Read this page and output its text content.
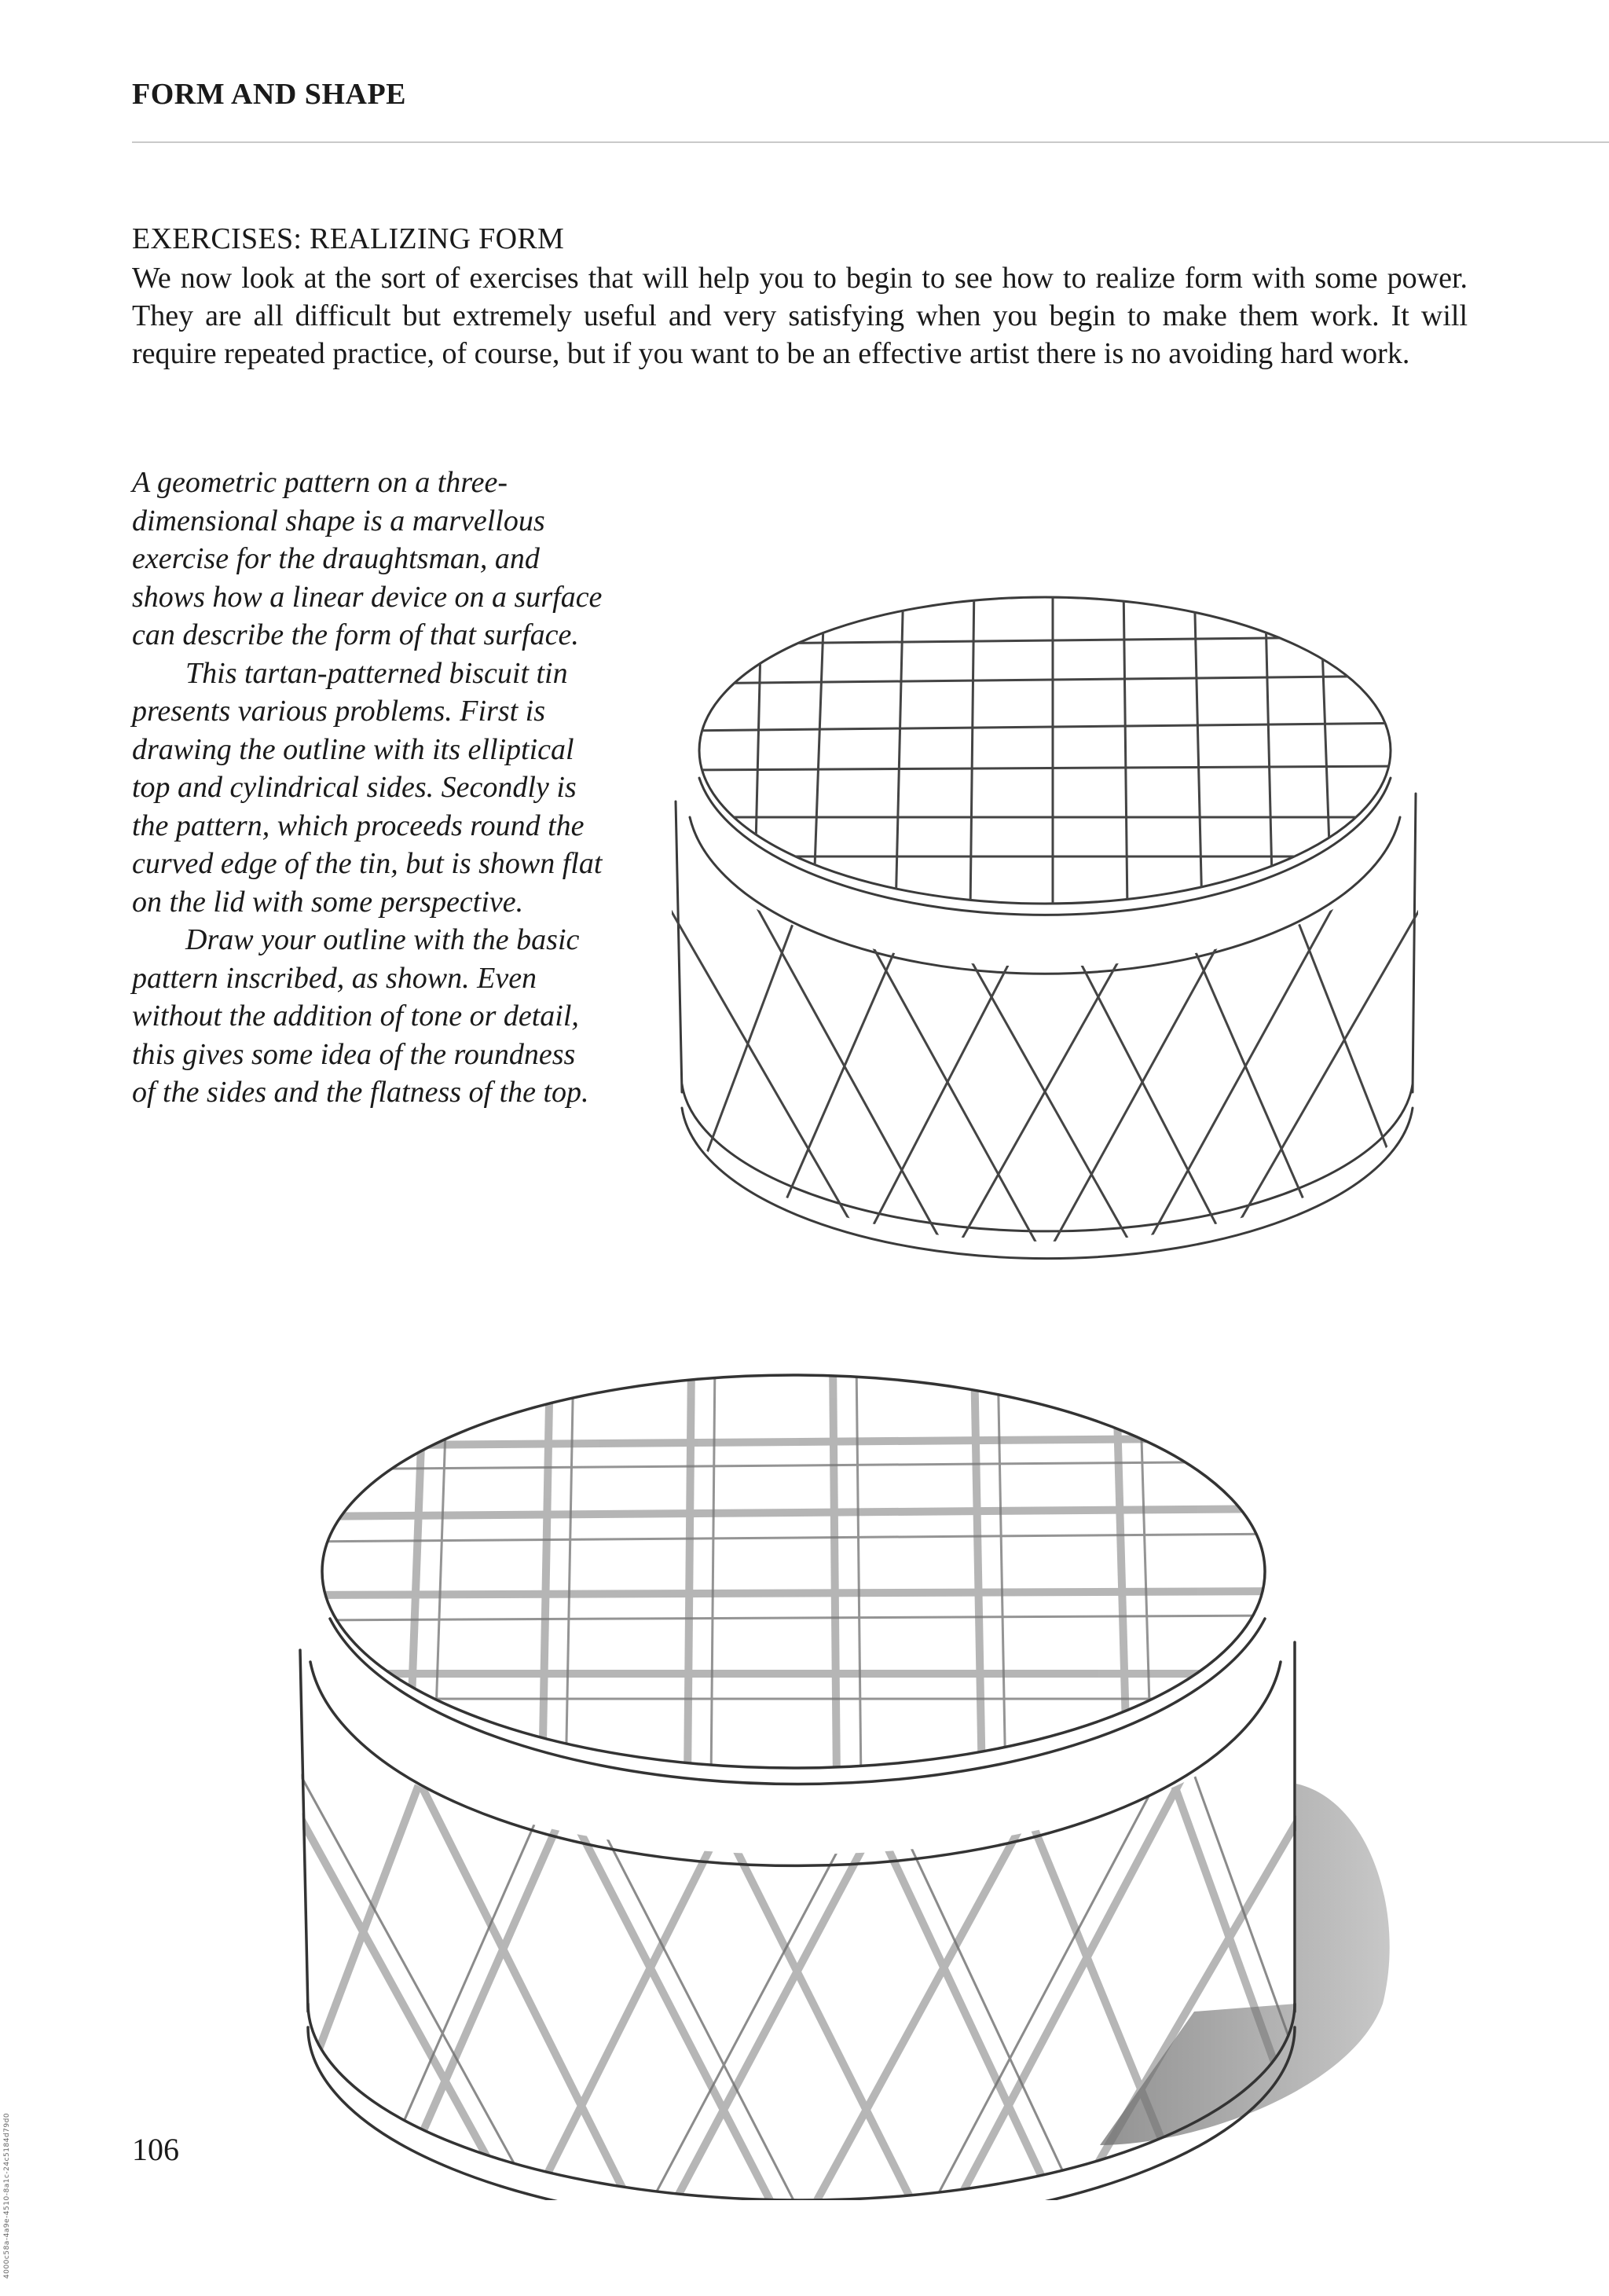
FORM AND SHAPE
EXERCISES: REALIZING FORM
We now look at the sort of exercises that will help you to begin to see how to realize form with some power. They are all difficult but extremely useful and very satisfying when you begin to make them work. It will require repeated practice, of course, but if you want to be an effective artist there is no avoiding hard work.

A geometric pattern on a three-dimensional shape is a marvellous exercise for the draughtsman, and shows how a linear device on a surface can describe the form of that surface.

This tartan-patterned biscuit tin presents various problems. First is drawing the outline with its elliptical top and cylindrical sides. Secondly is the pattern, which proceeds round the curved edge of the tin, but is shown flat on the lid with some perspective.

Draw your outline with the basic pattern inscribed, as shown. Even without the addition of tone or detail, this gives some idea of the roundness of the sides and the flatness of the top.

106
4000c58a-4a9e-4510-8a1c-24c5184d79d0
